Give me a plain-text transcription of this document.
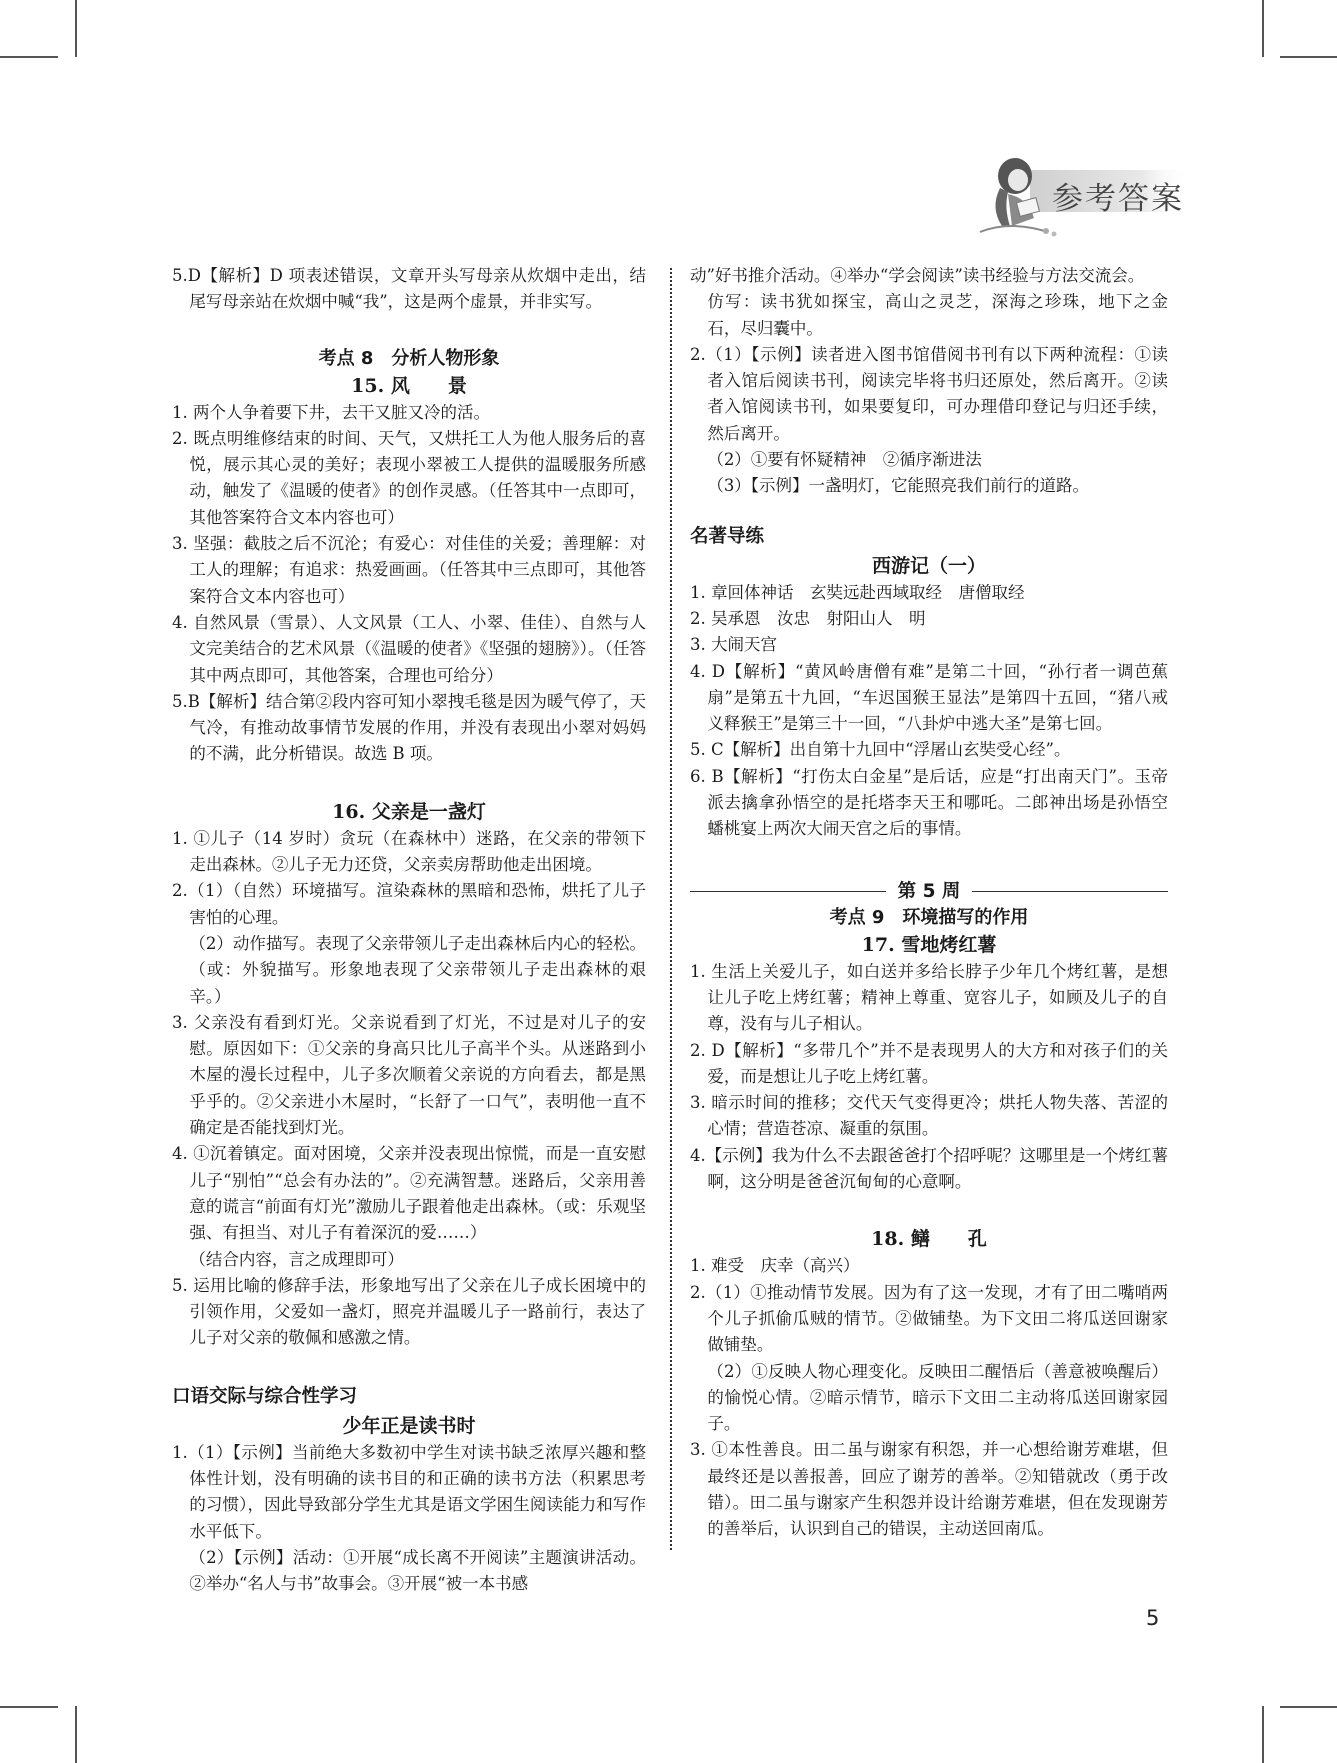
参考答案

5.D【解析】D 项表述错误，文章开头写母亲从炊烟中走出，结尾写母亲站在炊烟中喊“我”，这是两个虚景，并非实写。

考点 8　分析人物形象

15. 风　　景

1. 两个人争着要下井，去干又脏又冷的活。

2. 既点明维修结束的时间、天气，又烘托工人为他人服务后的喜悦，展示其心灵的美好；表现小翠被工人提供的温暖服务所感动，触发了《温暖的使者》的创作灵感。（任答其中一点即可，其他答案符合文本内容也可）

3. 坚强：截肢之后不沉沦；有爱心：对佳佳的关爱；善理解：对工人的理解；有追求：热爱画画。（任答其中三点即可，其他答案符合文本内容也可）

4. 自然风景（雪景）、人文风景（工人、小翠、佳佳）、自然与人文完美结合的艺术风景（《温暖的使者》《坚强的翅膀》）。（任答其中两点即可，其他答案，合理也可给分）

5.B【解析】结合第②段内容可知小翠拽毛毯是因为暖气停了，天气冷，有推动故事情节发展的作用，并没有表现出小翠对妈妈的不满，此分析错误。故选 B 项。

16. 父亲是一盏灯

1. ①儿子（14 岁时）贪玩（在森林中）迷路，在父亲的带领下走出森林。②儿子无力还贷，父亲卖房帮助他走出困境。

2.（1）（自然）环境描写。渲染森林的黑暗和恐怖，烘托了儿子害怕的心理。

（2）动作描写。表现了父亲带领儿子走出森林后内心的轻松。（或：外貌描写。形象地表现了父亲带领儿子走出森林的艰辛。）

3. 父亲没有看到灯光。父亲说看到了灯光，不过是对儿子的安慰。原因如下：①父亲的身高只比儿子高半个头。从迷路到小木屋的漫长过程中，儿子多次顺着父亲说的方向看去，都是黑乎乎的。②父亲进小木屋时，“长舒了一口气”，表明他一直不确定是否能找到灯光。

4. ①沉着镇定。面对困境，父亲并没表现出惊慌，而是一直安慰儿子“别怕”“总会有办法的”。②充满智慧。迷路后，父亲用善意的谎言“前面有灯光”激励儿子跟着他走出森林。（或：乐观坚强、有担当、对儿子有着深沉的爱……）

（结合内容，言之成理即可）

5. 运用比喻的修辞手法，形象地写出了父亲在儿子成长困境中的引领作用，父爱如一盏灯，照亮并温暖儿子一路前行，表达了儿子对父亲的敬佩和感激之情。

口语交际与综合性学习

少年正是读书时

1.（1）【示例】当前绝大多数初中学生对读书缺乏浓厚兴趣和整体性计划，没有明确的读书目的和正确的读书方法（积累思考的习惯），因此导致部分学生尤其是语文学困生阅读能力和写作水平低下。

（2）【示例】活动：①开展“成长离不开阅读”主题演讲活动。②举办“名人与书”故事会。③开展“被一本书感

动”好书推介活动。④举办“学会阅读”读书经验与方法交流会。

仿写：读书犹如探宝，高山之灵芝，深海之珍珠，地下之金石，尽归囊中。

2.（1）【示例】读者进入图书馆借阅书刊有以下两种流程：①读者入馆后阅读书刊，阅读完毕将书归还原处，然后离开。②读者入馆阅读书刊，如果要复印，可办理借印登记与归还手续，然后离开。

（2）①要有怀疑精神　②循序渐进法

（3）【示例】一盏明灯，它能照亮我们前行的道路。

名著导练

西游记（一）

1. 章回体神话　玄奘远赴西域取经　唐僧取经

2. 吴承恩　汝忠　射阳山人　明

3. 大闹天宫

4. D【解析】“黄风岭唐僧有难”是第二十回，“孙行者一调芭蕉扇”是第五十九回，“车迟国猴王显法”是第四十五回，“猪八戒义释猴王”是第三十一回，“八卦炉中逃大圣”是第七回。

5. C【解析】出自第十九回中“浮屠山玄奘受心经”。

6. B【解析】“打伤太白金星”是后话，应是“打出南天门”。玉帝派去擒拿孙悟空的是托塔李天王和哪吒。二郎神出场是孙悟空蟠桃宴上两次大闹天宫之后的事情。

第 5 周

考点 9　环境描写的作用

17. 雪地烤红薯

1. 生活上关爱儿子，如白送并多给长脖子少年几个烤红薯，是想让儿子吃上烤红薯；精神上尊重、宽容儿子，如顾及儿子的自尊，没有与儿子相认。

2. D【解析】“多带几个”并不是表现男人的大方和对孩子们的关爱，而是想让儿子吃上烤红薯。

3. 暗示时间的推移；交代天气变得更冷；烘托人物失落、苦涩的心情；营造苍凉、凝重的氛围。

4.【示例】我为什么不去跟爸爸打个招呼呢？这哪里是一个烤红薯啊，这分明是爸爸沉甸甸的心意啊。

18. 鳝　　孔

1. 难受　庆幸（高兴）

2.（1）①推动情节发展。因为有了这一发现，才有了田二嘴哨两个儿子抓偷瓜贼的情节。②做铺垫。为下文田二将瓜送回谢家做铺垫。

（2）①反映人物心理变化。反映田二醒悟后（善意被唤醒后）的愉悦心情。②暗示情节，暗示下文田二主动将瓜送回谢家园子。

3. ①本性善良。田二虽与谢家有积怨，并一心想给谢芳难堪，但最终还是以善报善，回应了谢芳的善举。②知错就改（勇于改错）。田二虽与谢家产生积怨并设计给谢芳难堪，但在发现谢芳的善举后，认识到自己的错误，主动送回南瓜。

5
